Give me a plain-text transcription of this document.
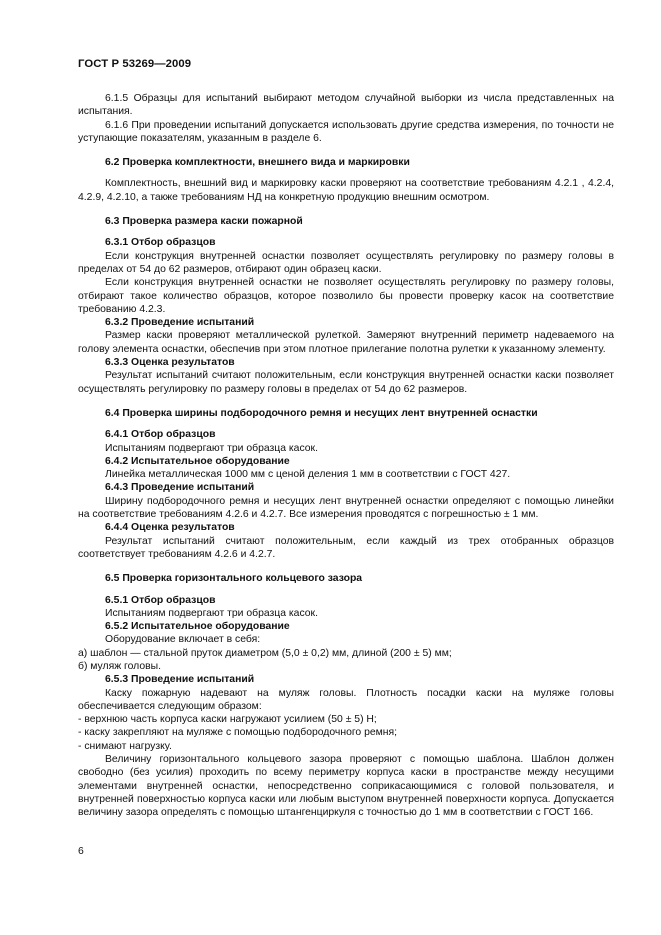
ГОСТ Р 53269—2009

6.1.5 Образцы для испытаний выбирают методом случайной выборки из числа представленных на испытания.

6.1.6 При проведении испытаний допускается использовать другие средства измерения, по точности не уступающие показателям, указанным в разделе 6.

6.2 Проверка комплектности, внешнего вида и маркировки

Комплектность, внешний вид и маркировку каски проверяют на соответствие требованиям 4.2.1 , 4.2.4, 4.2.9, 4.2.10, а также требованиям НД на конкретную продукцию внешним осмотром.

6.3 Проверка размера каски пожарной
6.3.1 Отбор образцов

Если конструкция внутренней оснастки позволяет осуществлять регулировку по размеру головы в пределах от 54 до 62 размеров, отбирают один образец каски.

Если конструкция внутренней оснастки не позволяет осуществлять регулировку по размеру головы, отбирают такое количество образцов, которое позволило бы провести проверку касок на соответствие требованию 4.2.3.

6.3.2 Проведение испытаний

Размер каски проверяют металлической рулеткой. Замеряют внутренний периметр надеваемого на голову элемента оснастки, обеспечив при этом плотное прилегание полотна рулетки к указанному элементу.

6.3.3 Оценка результатов

Результат испытаний считают положительным, если конструкция внутренней оснастки каски позволяет осуществлять регулировку по размеру головы в пределах от 54 до 62 размеров.

6.4 Проверка ширины подбородочного ремня и несущих лент внутренней оснастки
6.4.1 Отбор образцов

Испытаниям подвергают три образца касок.

6.4.2 Испытательное оборудование

Линейка металлическая 1000 мм с ценой деления 1 мм в соответствии с ГОСТ 427.

6.4.3 Проведение испытаний

Ширину подбородочного ремня и несущих лент внутренней оснастки определяют с помощью линейки на соответствие требованиям 4.2.6 и 4.2.7. Все измерения проводятся с погрешностью ± 1 мм.

6.4.4 Оценка результатов

Результат испытаний считают положительным, если каждый из трех отобранных образцов соответствует требованиям 4.2.6 и 4.2.7.

6.5 Проверка горизонтального кольцевого зазора
6.5.1 Отбор образцов

Испытаниям подвергают три образца касок.

6.5.2 Испытательное оборудование

Оборудование включает в себя:

а) шаблон — стальной пруток диаметром (5,0 ± 0,2) мм, длиной (200 ± 5) мм;

б) муляж головы.

6.5.3 Проведение испытаний

Каску пожарную надевают на муляж головы. Плотность посадки каски на муляже головы обеспечивается следующим образом:

- верхнюю часть корпуса каски нагружают усилием (50 ± 5) Н;

- каску закрепляют на муляже с помощью подбородочного ремня;

- снимают нагрузку.

Величину горизонтального кольцевого зазора проверяют с помощью шаблона. Шаблон должен свободно (без усилия) проходить по всему периметру корпуса каски в пространстве между несущими элементами внутренней оснастки, непосредственно соприкасающимися с головой пользователя, и внутренней поверхностью корпуса каски или любым выступом внутренней поверхности корпуса. Допускается величину зазора определять с помощью штангенциркуля с точностью до 1 мм в соответствии с ГОСТ 166.

6
